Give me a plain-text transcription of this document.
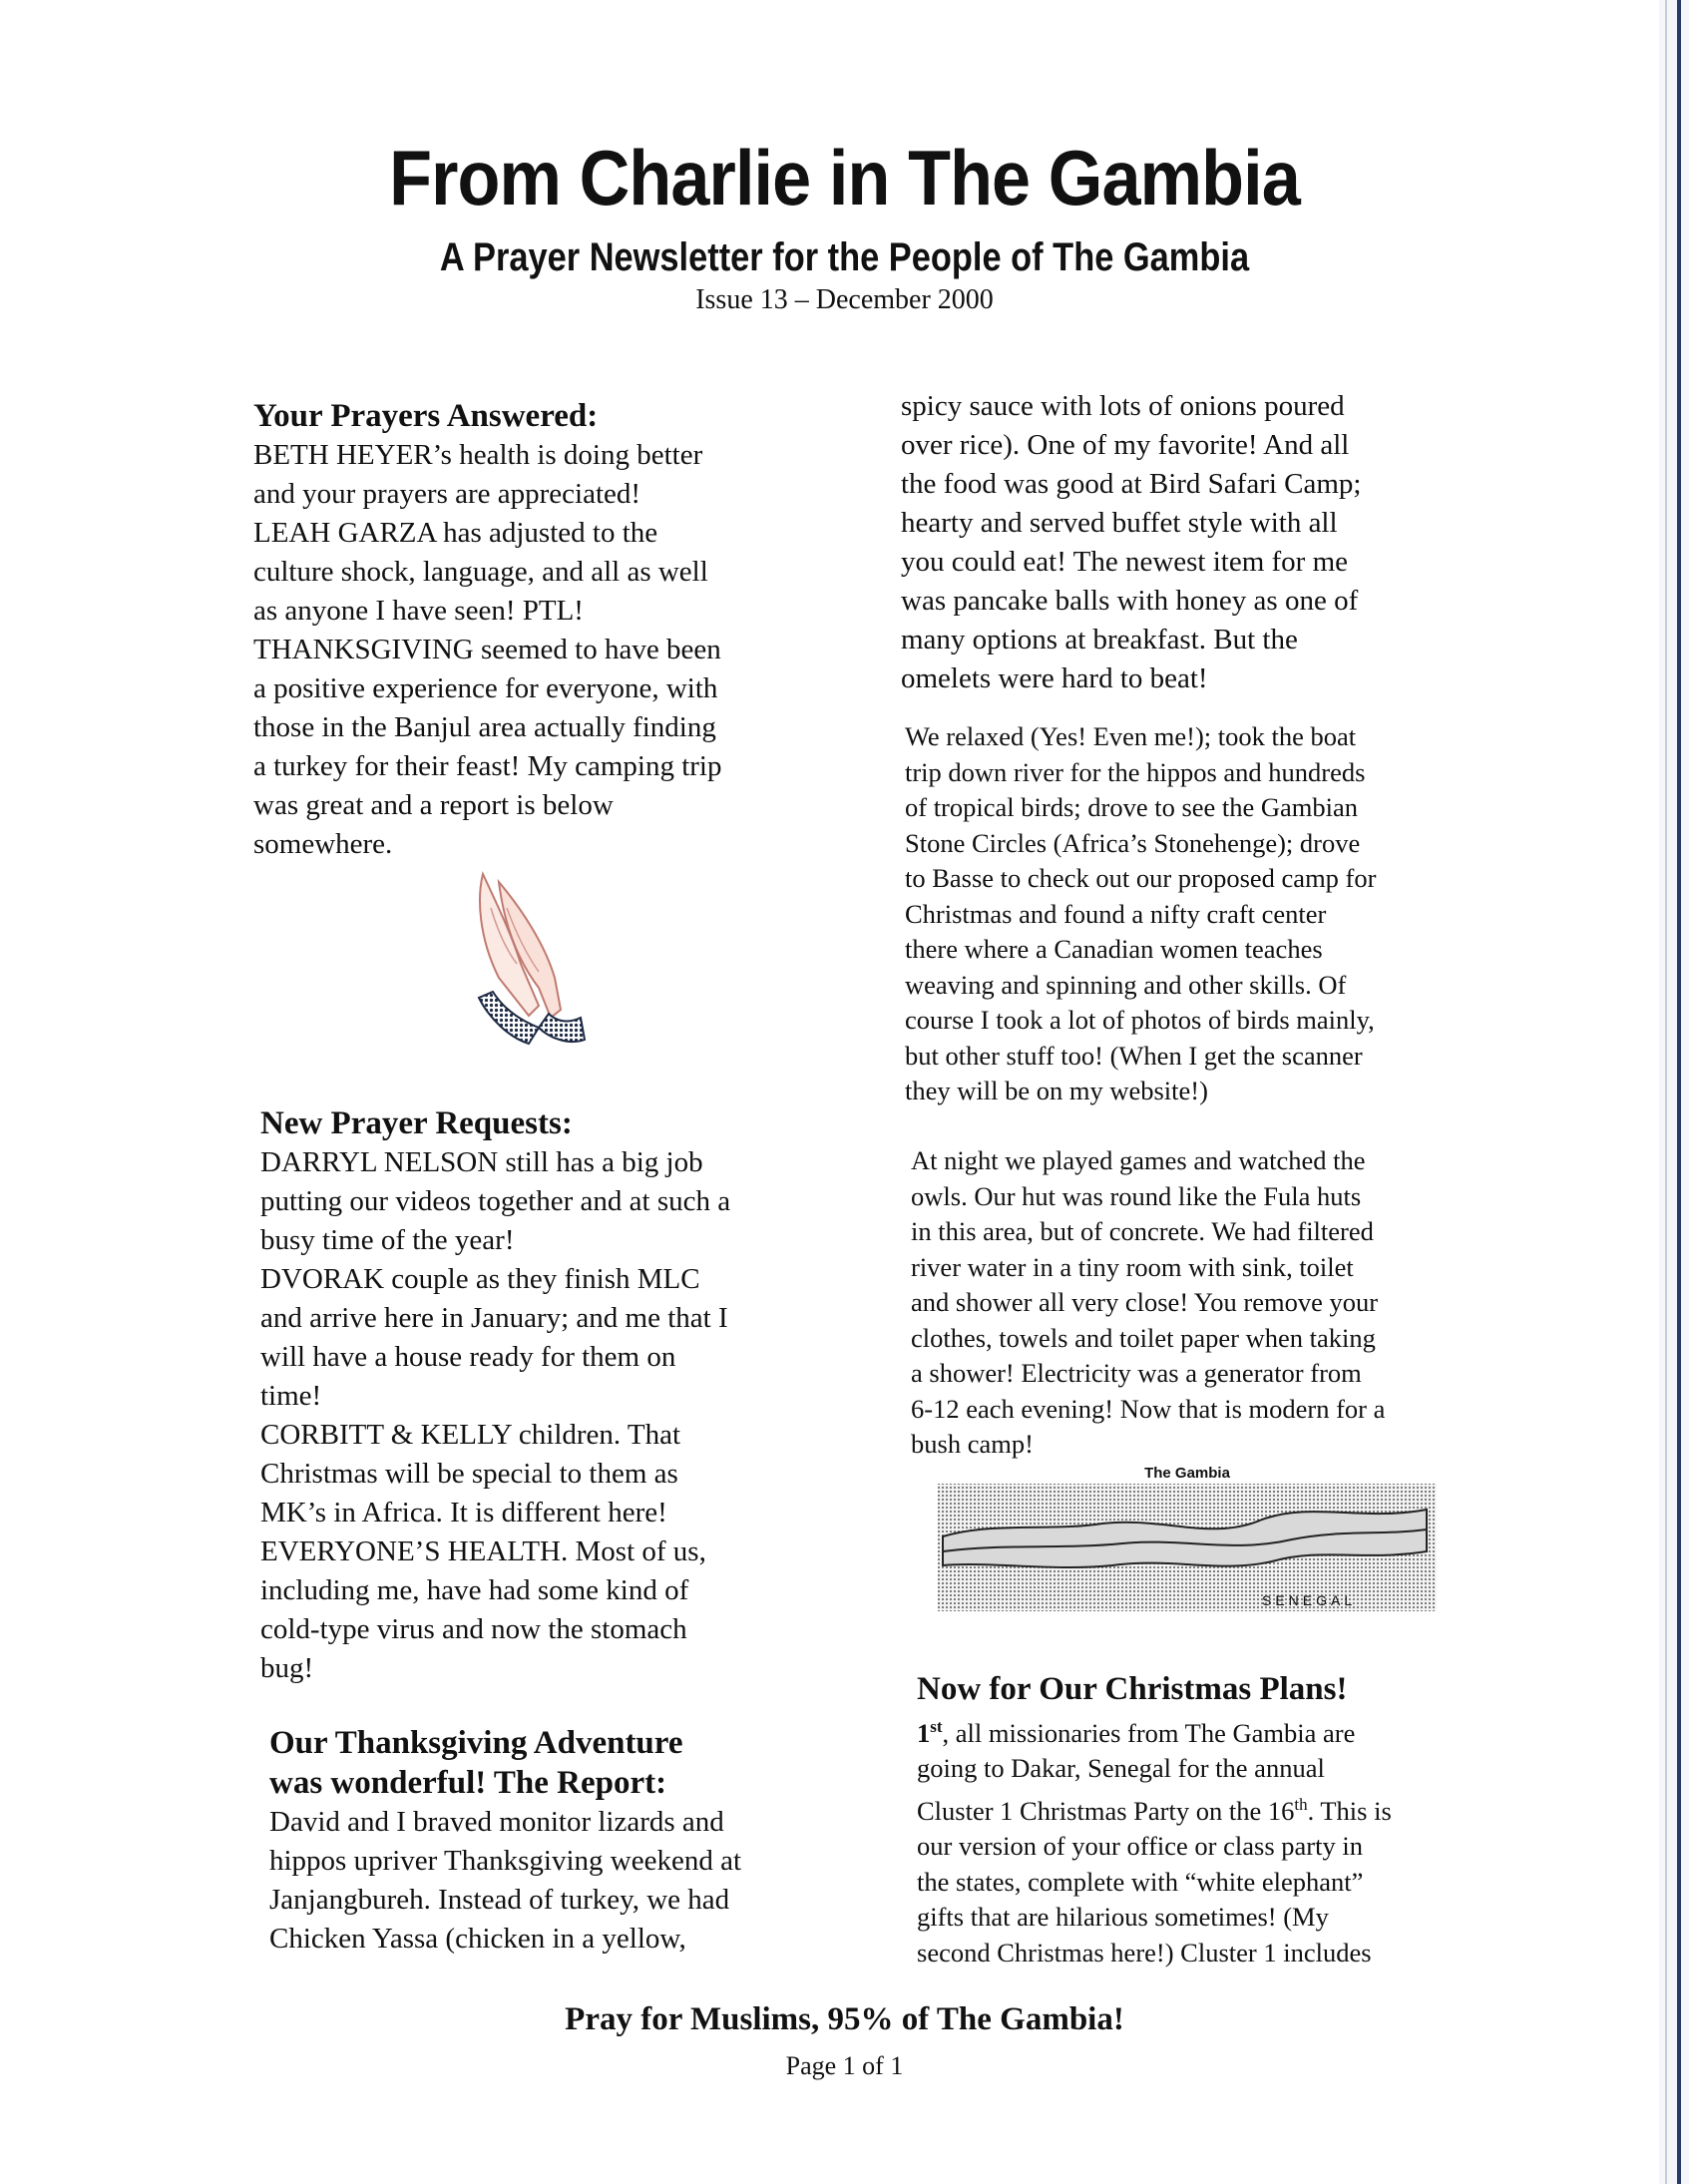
From Charlie in The Gambia
A Prayer Newsletter for the People of The Gambia
Issue 13 – December 2000
Your Prayers Answered:

BETH HEYER’s health is doing better

and your prayers are appreciated!

LEAH GARZA has adjusted to the

culture shock, language, and all as well

as anyone I have seen! PTL!

THANKSGIVING seemed to have been

a positive experience for everyone, with

those in the Banjul area actually finding

a turkey for their feast! My camping trip

was great and a report is below

somewhere.

New Prayer Requests:

DARRYL NELSON still has a big job

putting our videos together and at such a

busy time of the year!

DVORAK couple as they finish MLC

and arrive here in January; and me that I

will have a house ready for them on

time!

CORBITT & KELLY children. That

Christmas will be special to them as

MK’s in Africa. It is different here!

EVERYONE’S HEALTH. Most of us,

including me, have had some kind of

cold-type virus and now the stomach

bug!

Our Thanksgiving Adventure
was wonderful! The Report:

David and I braved monitor lizards and

hippos upriver Thanksgiving weekend at

Janjangbureh. Instead of turkey, we had

Chicken Yassa (chicken in a yellow,

spicy sauce with lots of onions poured

over rice). One of my favorite! And all

the food was good at Bird Safari Camp;

hearty and served buffet style with all

you could eat! The newest item for me

was pancake balls with honey as one of

many options at breakfast. But the

omelets were hard to beat!

We relaxed (Yes! Even me!); took the boat

trip down river for the hippos and hundreds

of tropical birds; drove to see the Gambian

Stone Circles (Africa’s Stonehenge); drove

to Basse to check out our proposed camp for

Christmas and found a nifty craft center

there where a Canadian women teaches

weaving and spinning and other skills. Of

course I took a lot of photos of birds mainly,

but other stuff too! (When I get the scanner

they will be on my website!)

At night we played games and watched the

owls. Our hut was round like the Fula huts

in this area, but of concrete. We had filtered

river water in a tiny room with sink, toilet

and shower all very close! You remove your

clothes, towels and toilet paper when taking

a shower! Electricity was a generator from

6-12 each evening! Now that is modern for a

bush camp!

The Gambia
SENEGAL
Now for Our Christmas Plans!

1st, all missionaries from The Gambia are

going to Dakar, Senegal for the annual

Cluster 1 Christmas Party on the 16th. This is

our version of your office or class party in

the states, complete with “white elephant”

gifts that are hilarious sometimes! (My

second Christmas here!) Cluster 1 includes

Pray for Muslims, 95% of The Gambia!
Page 1 of 1
